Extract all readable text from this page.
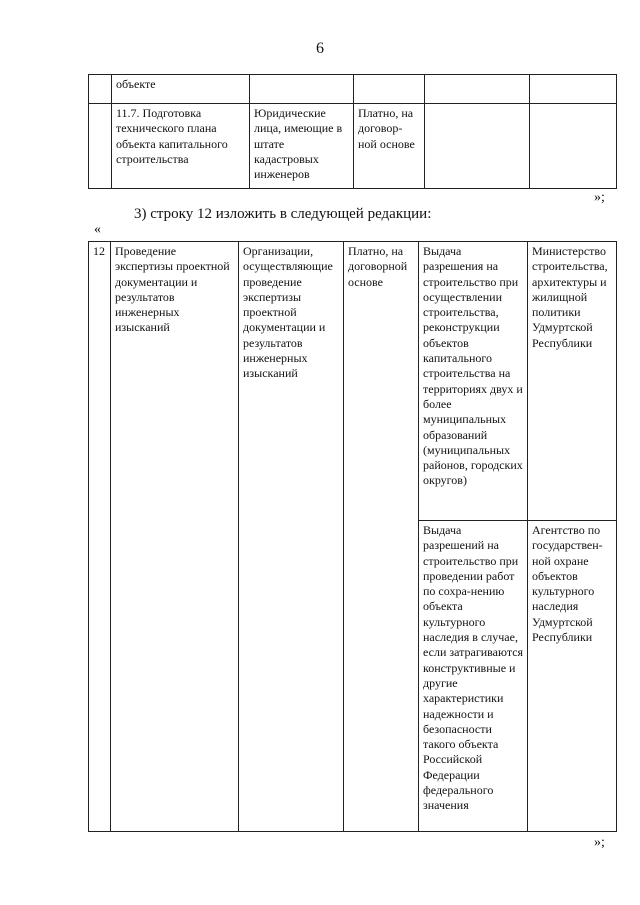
6
	объекте				
	11.7. Подготовка технического плана объекта капитального строительства	Юридические лица, имеющие в штате кадастровых инженеров	Платно, на договор-ной основе		
»;
3) строку 12 изложить в следующей редакции:
«
12	Проведение экспертизы проектной документации и результатов инженерных изысканий	Организации, осуществляющие проведение экспертизы проектной документации и результатов инженерных изысканий	Платно, на договорной основе	Выдача разрешения на строительство при осуществлении строительства, реконструкции объектов капитального строительства на территориях двух и более муниципальных образований (муниципальных районов, городских округов)	Министерство строительства, архитектуры и жилищной политики Удмуртской Республики
				Выдача разрешений на строительство при проведении работ по сохра-нению объекта культурного наследия в случае, если затрагиваются конструктивные и другие характеристики надежности и безопасности такого объекта Российской Федерации федерального значения	Агентство по государствен-ной охране объектов культурного наследия Удмуртской Республики
»;
